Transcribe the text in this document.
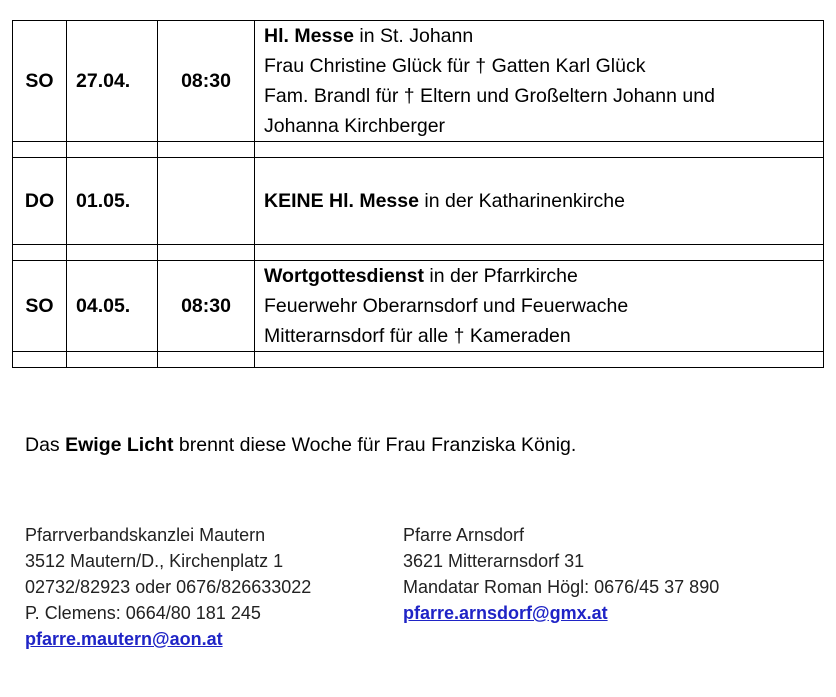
SO	27.04.	08:30	Hl. Messe in St. Johann
Frau Christine Glück für † Gatten Karl Glück
Fam. Brandl für † Eltern und Großeltern Johann und
Johanna Kirchberger

DO	01.05.		KEINE Hl. Messe in der Katharinenkirche

SO	04.05.	08:30	Wortgottesdienst in der Pfarrkirche
Feuerwehr Oberarnsdorf und Feuerwache
Mitterarnsdorf für alle † Kameraden

Das Ewige Licht brennt diese Woche für Frau Franziska König.
Pfarrverbandskanzlei Mautern
3512 Mautern/D., Kirchenplatz 1
02732/82923 oder 0676/826633022
P. Clemens: 0664/80 181 245
pfarre.mautern@aon.at
Pfarre Arnsdorf
3621 Mitterarnsdorf 31
Mandatar Roman Högl: 0676/45 37 890
pfarre.arnsdorf@gmx.at
